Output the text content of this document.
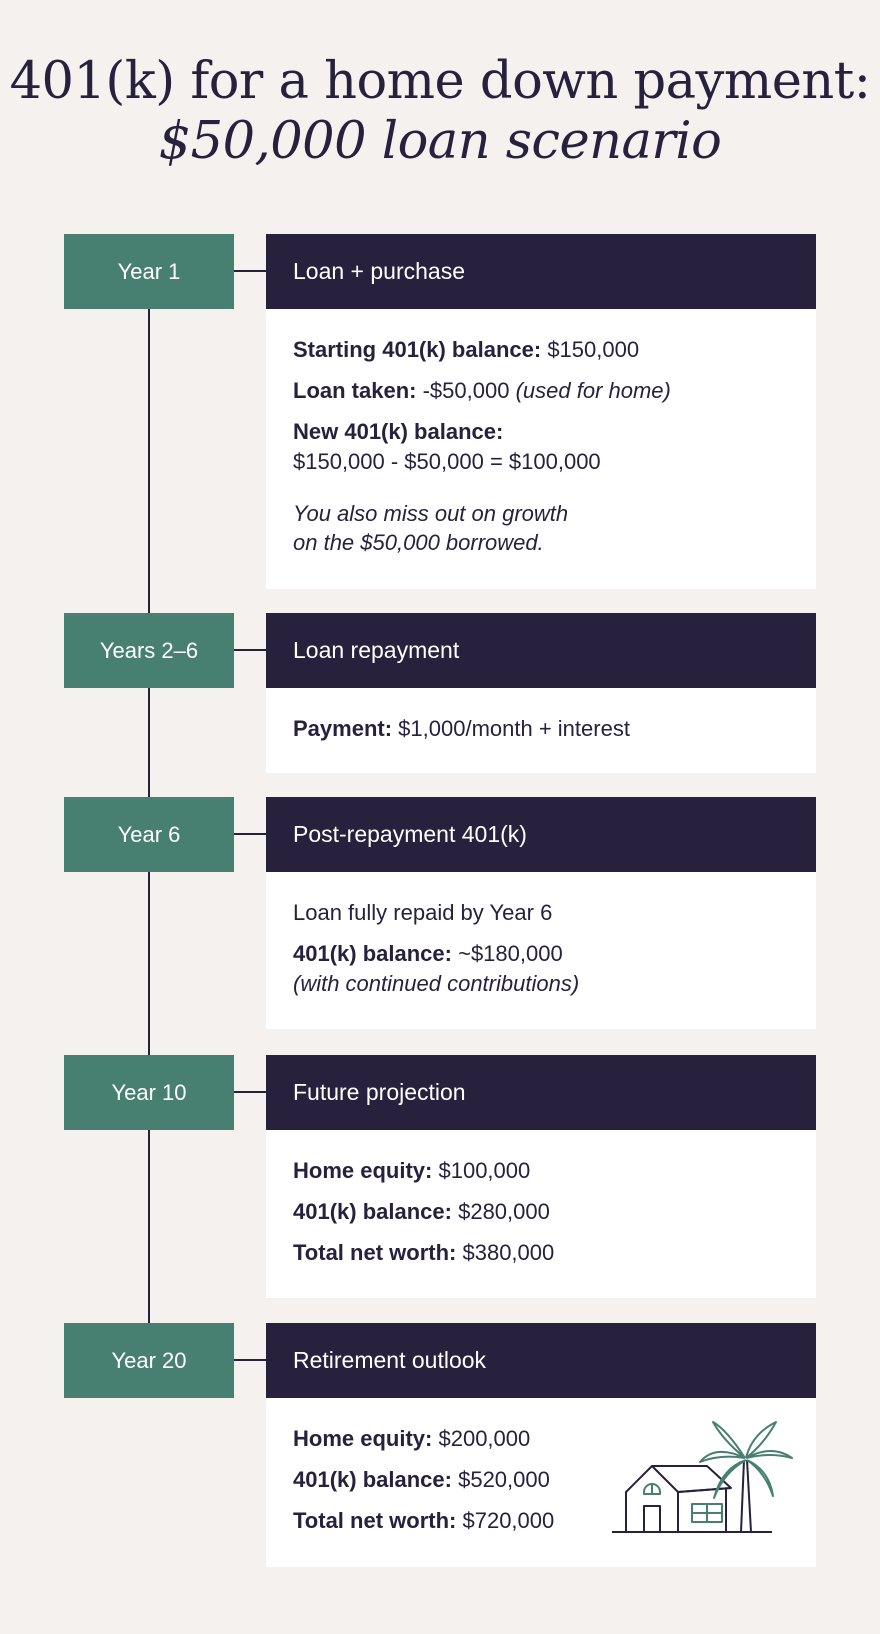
401(k) for a home down payment:
$50,000 loan scenario
Year 1	Loan + purchase

Starting 401(k) balance: $150,000

Loan taken: -$50,000 (used for home)

New 401(k) balance:
$150,000 - $50,000 = $100,000

You also miss out on growth
on the $50,000 borrowed.

Years 2–6	Loan repayment

Payment: $1,000/month + interest

Year 6	Post-repayment 401(k)

Loan fully repaid by Year 6

401(k) balance: ~$180,000
(with continued contributions)

Year 10	Future projection

Home equity: $100,000

401(k) balance: $280,000

Total net worth: $380,000

Year 20	Retirement outlook

Home equity: $200,000

401(k) balance: $520,000

Total net worth: $720,000
